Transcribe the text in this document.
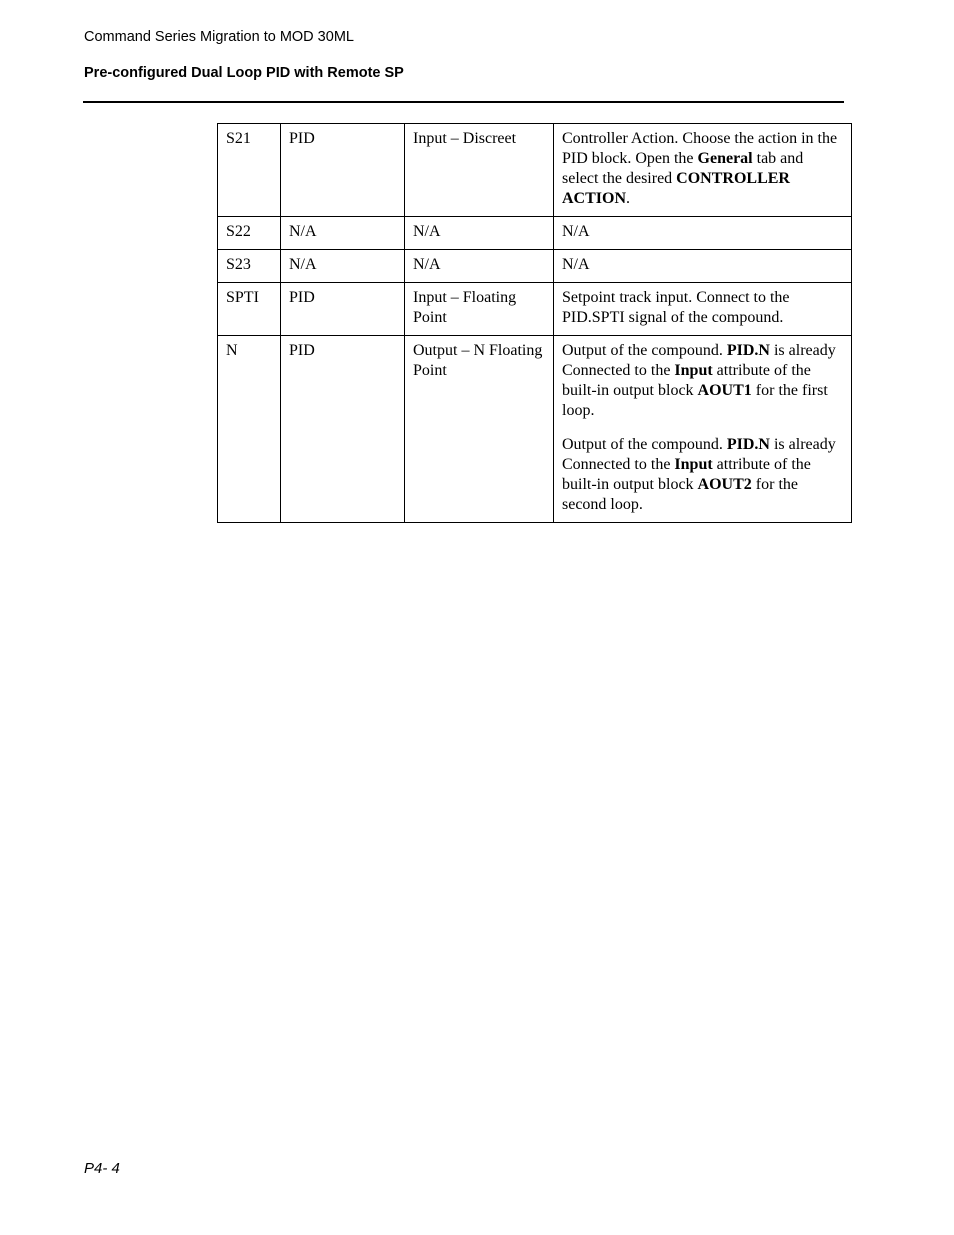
Command Series Migration to MOD 30ML
Pre-configured Dual Loop PID with Remote SP
S21	PID	Input – Discreet	Controller Action. Choose the action in the PID block. Open the General tab and select the desired CONTROLLER ACTION.

S22	N/A	N/A	N/A

S23	N/A	N/A	N/A

SPTI	PID	Input – Floating Point	Setpoint track input. Connect to the PID.SPTI signal of the compound.

N	PID	Output – N Floating Point	Output of the compound. PID.N is already Connected to the Input attribute of the built-in output block AOUT1 for the first loop.

Output of the compound. PID.N is already Connected to the Input attribute of the built-in output block AOUT2 for the second loop.

P4- 4
